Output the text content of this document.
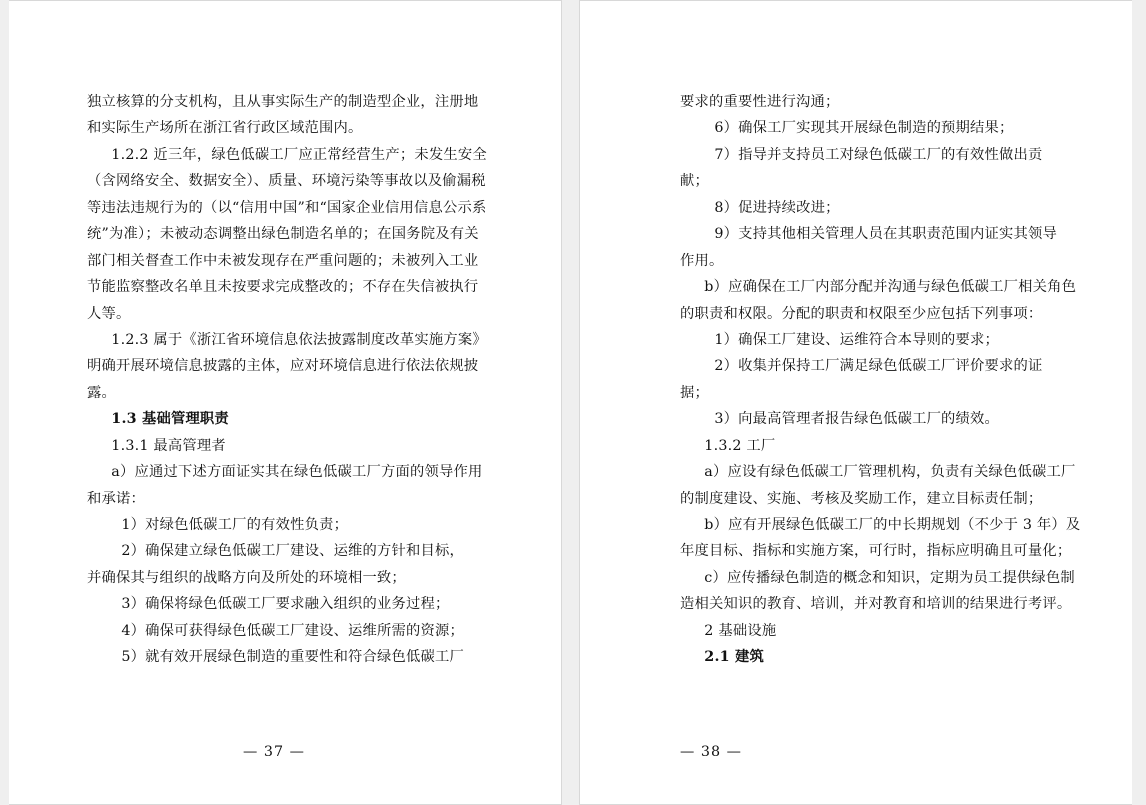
独立核算的分支机构，且从事实际生产的制造型企业，注册地

和实际生产场所在浙江省行政区域范围内。

1.2.2 近三年，绿色低碳工厂应正常经营生产；未发生安全

（含网络安全、数据安全）、质量、环境污染等事故以及偷漏税

等违法违规行为的（以“信用中国”和“国家企业信用信息公示系

统”为准）；未被动态调整出绿色制造名单的；在国务院及有关

部门相关督查工作中未被发现存在严重问题的；未被列入工业

节能监察整改名单且未按要求完成整改的；不存在失信被执行

人等。

1.2.3 属于《浙江省环境信息依法披露制度改革实施方案》

明确开展环境信息披露的主体，应对环境信息进行依法依规披

露。

1.3 基础管理职责

1.3.1 最高管理者

a）应通过下述方面证实其在绿色低碳工厂方面的领导作用

和承诺：

1）对绿色低碳工厂的有效性负责；

2）确保建立绿色低碳工厂建设、运维的方针和目标，

并确保其与组织的战略方向及所处的环境相一致；

3）确保将绿色低碳工厂要求融入组织的业务过程；

4）确保可获得绿色低碳工厂建设、运维所需的资源；

5）就有效开展绿色制造的重要性和符合绿色低碳工厂

— 37 —

要求的重要性进行沟通；

6）确保工厂实现其开展绿色制造的预期结果；

7）指导并支持员工对绿色低碳工厂的有效性做出贡

献；

8）促进持续改进；

9）支持其他相关管理人员在其职责范围内证实其领导

作用。

b）应确保在工厂内部分配并沟通与绿色低碳工厂相关角色

的职责和权限。分配的职责和权限至少应包括下列事项：

1）确保工厂建设、运维符合本导则的要求；

2）收集并保持工厂满足绿色低碳工厂评价要求的证

据；

3）向最高管理者报告绿色低碳工厂的绩效。

1.3.2 工厂

a）应设有绿色低碳工厂管理机构，负责有关绿色低碳工厂

的制度建设、实施、考核及奖励工作，建立目标责任制；

b）应有开展绿色低碳工厂的中长期规划（不少于 3 年）及

年度目标、指标和实施方案，可行时，指标应明确且可量化；

c）应传播绿色制造的概念和知识，定期为员工提供绿色制

造相关知识的教育、培训，并对教育和培训的结果进行考评。

2 基础设施

2.1 建筑

— 38 —
